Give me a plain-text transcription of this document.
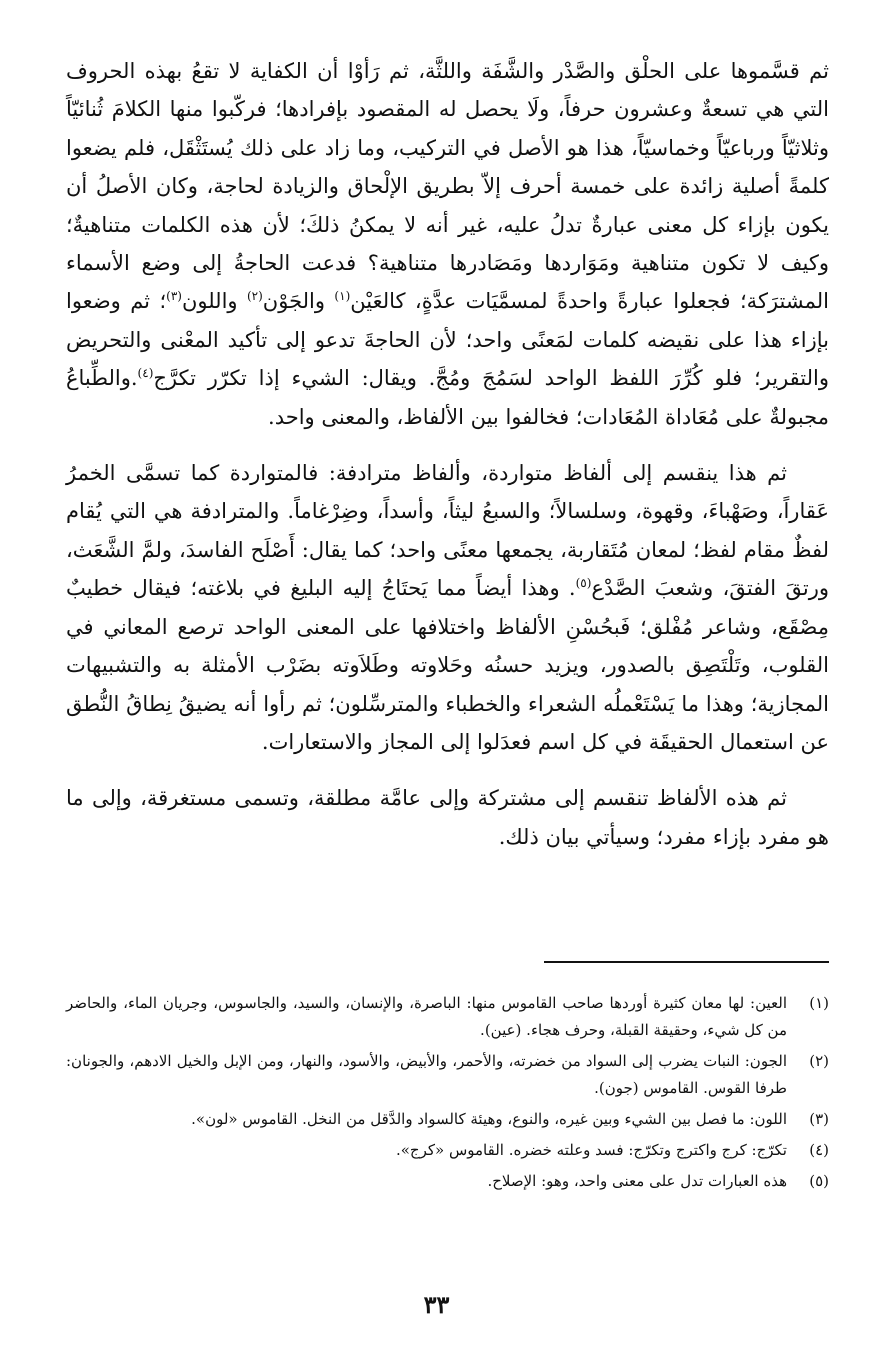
ثم قسَّموها على الحلْق والصَّدْر والشَّفَة واللثَّة، ثم رَأوْا أن الكفاية لا تقعُ بهذه الحروف التي هي تسعةٌ وعشرون حرفاً، ولَا يحصل له المقصود بإفرادها؛ فركّبوا منها الكلامَ ثُنائيّاً وثلاثيّاً ورباعيّاً وخماسيّاً، هذا هو الأصل في التركيب، وما زاد على ذلك يُستَثْقَل، فلم يضعوا كلمةً أصلية زائدة على خمسة أحرف إلاّ بطريق الإلْحاق والزيادة لحاجة، وكان الأصلُ أن يكون بإزاء كل معنى عبارةٌ تدلُ عليه، غير أنه لا يمكنُ ذلكَ؛ لأن هذه الكلمات متناهيةٌ؛ وكيف لا تكون متناهية ومَوَاردها ومَصَادرها متناهية؟ فدعت الحاجةُ إلى وضع الأسماء المشترَكة؛ فجعلوا عبارةً واحدةً لمسمَّيَات عدَّةٍ، كالعَيْن$^{(١)}$ والجَوْن$^{(٢)}$ واللون$^{(٣)}$؛ ثم وضعوا بإزاء هذا على نقيضه كلمات لمَعنًى واحد؛ لأن الحاجةَ تدعو إلى تأكيد المعْنى والتحريض والتقرير؛ فلو كُرِّرَ اللفظ الواحد لسَمُجَ ومُجَّ. ويقال: الشيء إذا تكرّر تكرَّج$^{(٤)}$.والطِّباعُ مجبولةٌ على مُعَاداة المُعَادات؛ فخالفوا بين الألفاظ، والمعنى واحد.

ثم هذا ينقسم إلى ألفاظ متواردة، وألفاظ مترادفة: فالمتواردة كما تسمَّى الخمرُ عَقاراً، وصَهْباءَ، وقهوة، وسلسالاً؛ والسبعُ ليثاً، وأسداً، وضِرْغاماً. والمترادفة هي التي يُقام لفظٌ مقام لفظ؛ لمعان مُتَقاربة، يجمعها معنًى واحد؛ كما يقال: أَصْلَح الفاسدَ، ولمَّ الشَّعَث، ورتقَ الفتقَ، وشعبَ الصَّدْع$^{(٥)}$. وهذا أيضاً مما يَحتَاجُ إليه البليغ في بلاغته؛ فيقال خطيبٌ مِصْقَع، وشاعر مُفْلق؛ فَبحُسْنِ الألفاظ واختلافها على المعنى الواحد ترصع المعاني في القلوب، وتَلْتَصِق بالصدور، ويزيد حسنُه وحَلاوته وطَلاَوته بضَرْب الأمثلة به والتشبيهات المجازية؛ وهذا ما يَسْتَعْملُه الشعراء والخطباء والمترسِّلون؛ ثم رأوا أنه يضيقُ نِطاقُ النُّطق عن استعمال الحقيقَة في كل اسم فعدَلوا إلى المجاز والاستعارات.

ثم هذه الألفاظ تنقسم إلى مشتركة وإلى عامَّة مطلقة، وتسمى مستغرقة، وإلى ما هو مفرد بإزاء مفرد؛ وسيأتي بيان ذلك.

(١)
العين: لها معان كثيرة أوردها صاحب القاموس منها: الباصرة، والإنسان، والسيد، والجاسوس، وجريان الماء، والحاضر من كل شيء، وحقيقة القبلة، وحرف هجاء. (عين).
(٢)
الجون: النبات يضرب إلى السواد من خضرته، والأحمر، والأبيض، والأسود، والنهار، ومن الإبل والخيل الادهم، والجونان: طرفا القوس. القاموس (جون).
(٣)
اللون: ما فصل بين الشيء وبين غيره، والنوع، وهيئة كالسواد والدَّقل من النخل. القاموس «لون».
(٤)
تكرّج: كرج واكترج وتكرّج: فسد وعلته خضره. القاموس «كرج».
(٥)
هذه العبارات تدل على معنى واحد، وهو: الإصلاح.
٣٣
